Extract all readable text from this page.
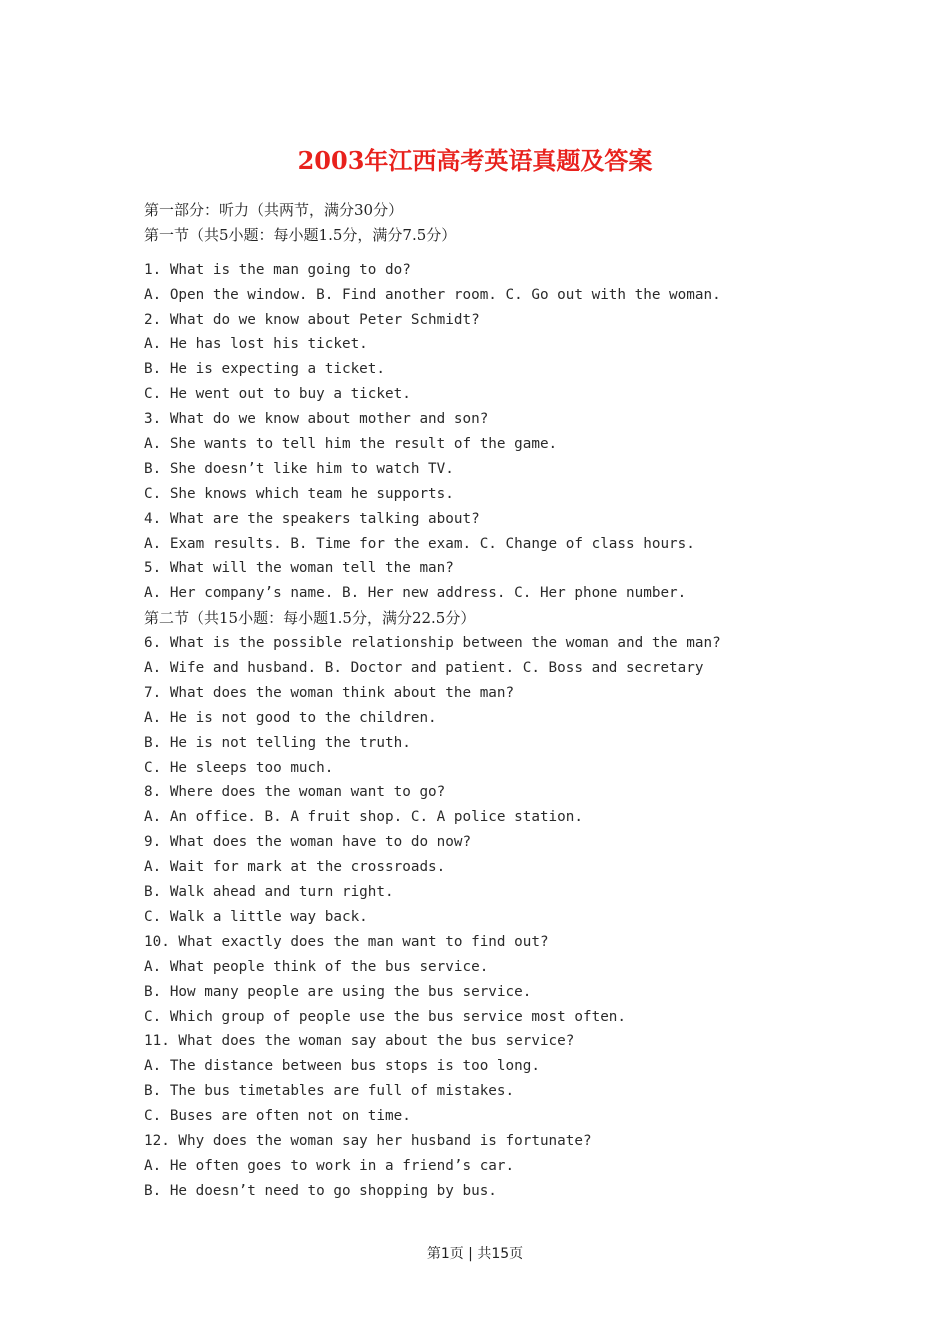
2003年江西高考英语真题及答案
第一部分：听力（共两节，满分30分）
第一节（共5小题：每小题1.5分，满分7.5分）
1. What is the man going to do?
A. Open the window. B. Find another room. C. Go out with the woman.
2. What do we know about Peter Schmidt?
A. He has lost his ticket.
B. He is expecting a ticket.
C. He went out to buy a ticket.
3. What do we know about mother and son?
A. She wants to tell him the result of the game.
B. She doesn’t like him to watch TV.
C. She knows which team he supports.
4. What are the speakers talking about?
A. Exam results. B. Time for the exam. C. Change of class hours.
5. What will the woman tell the man?
A. Her company’s name. B. Her new address. C. Her phone number.
第二节（共15小题：每小题1.5分，满分22.5分）
6. What is the possible relationship between the woman and the man?
A. Wife and husband. B. Doctor and patient. C. Boss and secretary
7. What does the woman think about the man?
A. He is not good to the children.
B. He is not telling the truth.
C. He sleeps too much.
8. Where does the woman want to go?
A. An office. B. A fruit shop. C. A police station.
9. What does the woman have to do now?
A. Wait for mark at the crossroads.
B. Walk ahead and turn right.
C. Walk a little way back.
10. What exactly does the man want to find out?
A. What people think of the bus service.
B. How many people are using the bus service.
C. Which group of people use the bus service most often.
11. What does the woman say about the bus service?
A. The distance between bus stops is too long.
B. The bus timetables are full of mistakes.
C. Buses are often not on time.
12. Why does the woman say her husband is fortunate?
A. He often goes to work in a friend’s car.
B. He doesn’t need to go shopping by bus.
第1页 | 共15页
